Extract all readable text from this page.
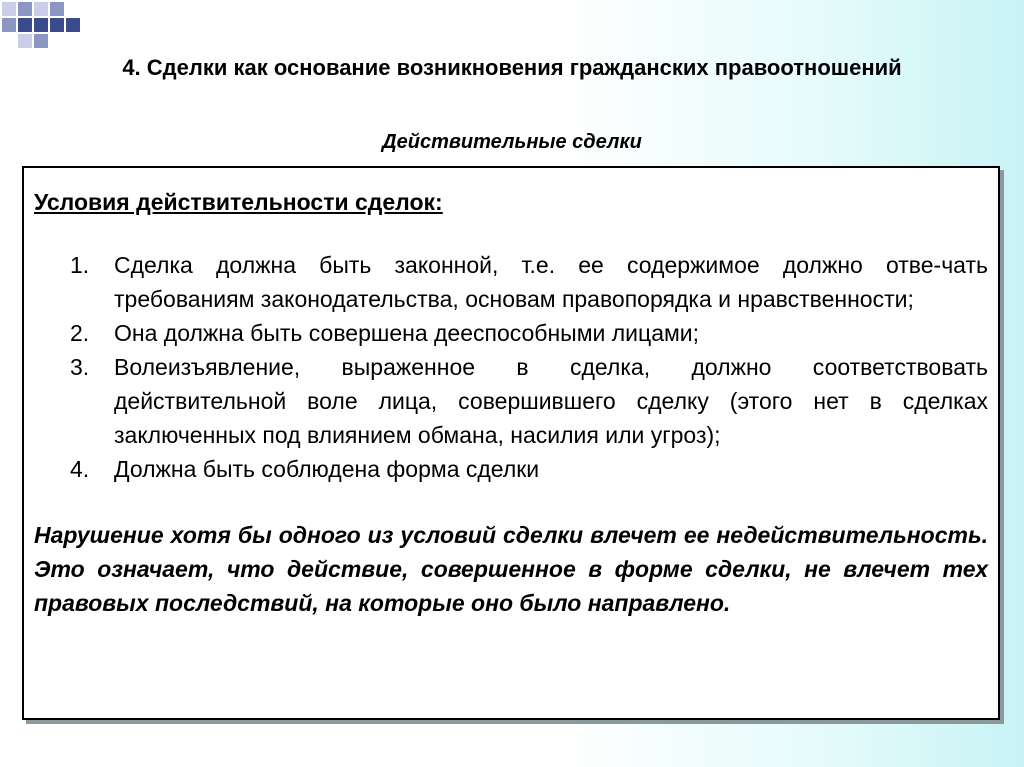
4. Сделки как основание возникновения гражданских правоотношений
Действительные сделки
Условия действительности сделок:
1. Сделка должна быть законной, т.е. ее содержимое должно отве-чать требованиям законодательства, основам правопорядка и нравственности;
2. Она должна быть совершена дееспособными лицами;
3. Волеизъявление, выраженное в сделка, должно соответствовать действительной воле лица, совершившего сделку (этого нет в сделках заключенных под влиянием обмана, насилия или угроз);
4. Должна быть соблюдена форма сделки
Нарушение хотя бы одного из условий сделки влечет ее недействительность. Это означает, что действие, совершенное в форме сделки, не влечет тех правовых последствий, на которые оно было направлено.
